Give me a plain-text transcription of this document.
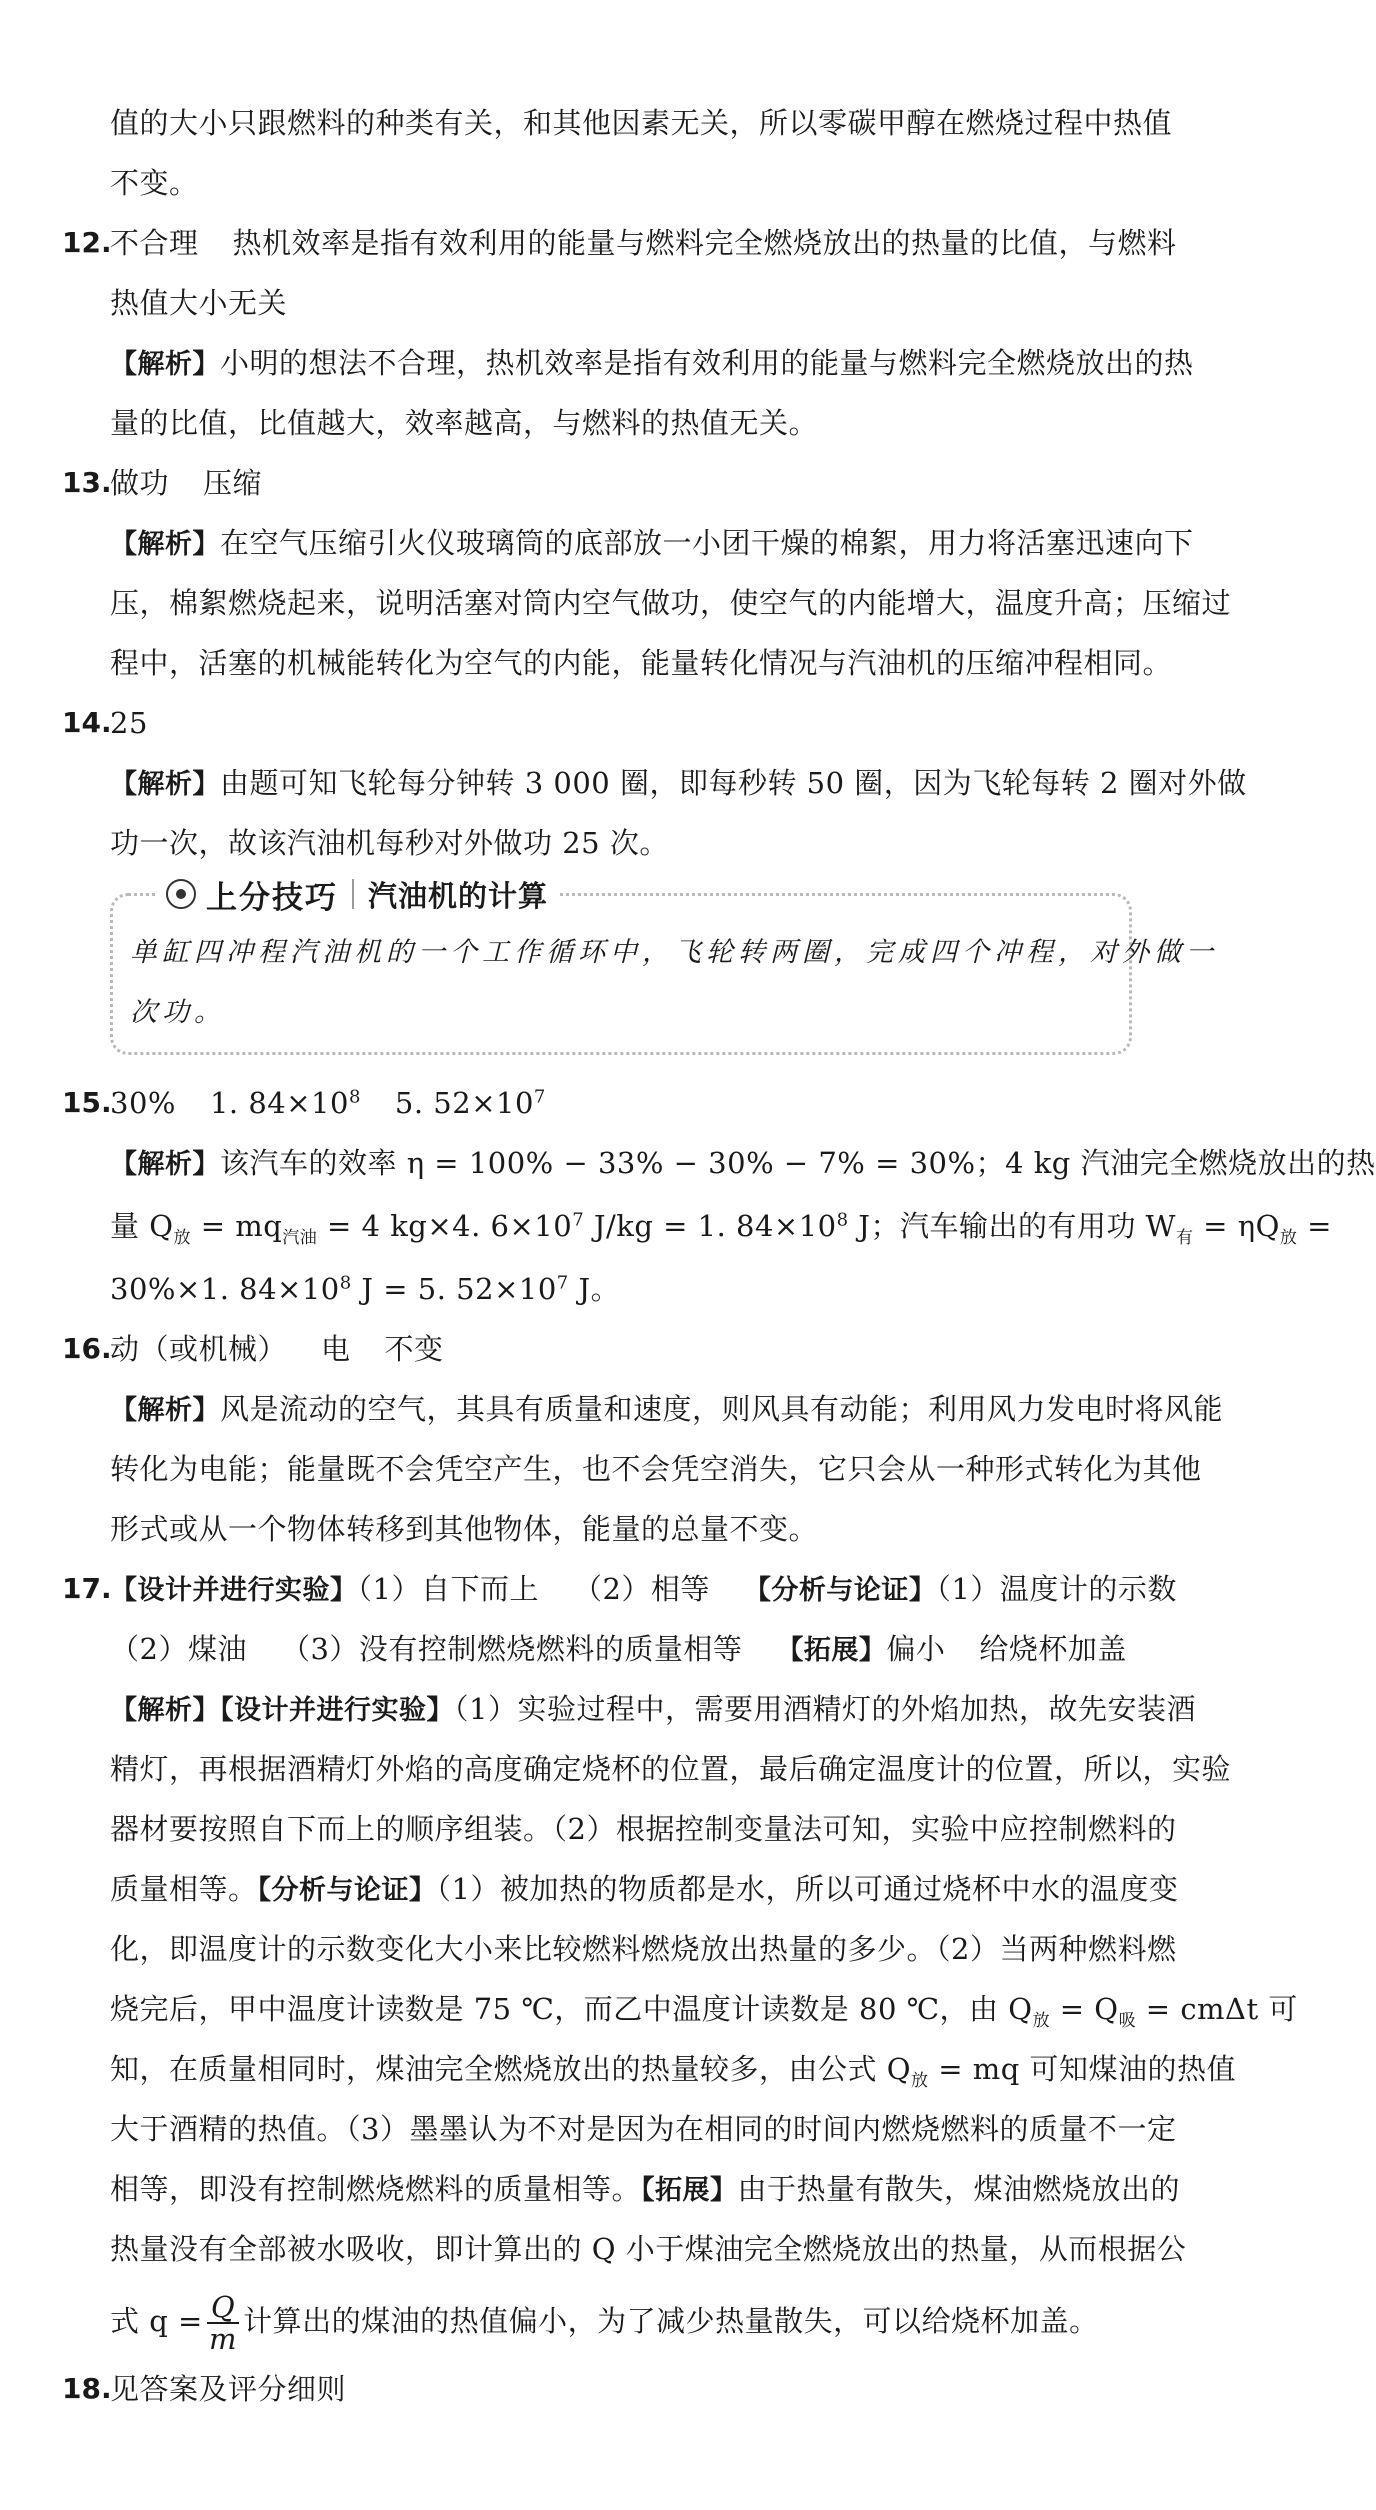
值的大小只跟燃料的种类有关，和其他因素无关，所以零碳甲醇在燃烧过程中热值
不变。
12.
不合理 热机效率是指有效利用的能量与燃料完全燃烧放出的热量的比值，与燃料
热值大小无关
【解析】小明的想法不合理，热机效率是指有效利用的能量与燃料完全燃烧放出的热
量的比值，比值越大，效率越高，与燃料的热值无关。
13.
做功 压缩
【解析】在空气压缩引火仪玻璃筒的底部放一小团干燥的棉絮，用力将活塞迅速向下
压，棉絮燃烧起来，说明活塞对筒内空气做功，使空气的内能增大，温度升高；压缩过
程中，活塞的机械能转化为空气的内能，能量转化情况与汽油机的压缩冲程相同。
14.
25
【解析】由题可知飞轮每分钟转 3 000 圈，即每秒转 50 圈，因为飞轮每转 2 圈对外做
功一次，故该汽油机每秒对外做功 25 次。
上分技巧 汽油机的计算
单缸四冲程汽油机的一个工作循环中，飞轮转两圈，完成四个冲程，对外做一
次功。
15.
30% 1. $84\times 10^8$ 5. $52\times 10^7$
【解析】该汽车的效率 η = 100% − 33% − 30% − 7% = 30%；4 kg 汽油完全燃烧放出的热
量 $Q_放 = mq_{汽油} = 4$ kg×4. $6\times 10^7$ J/kg = 1. $84\times 10^8$ J；汽车输出的有用功 $W_有 = \eta Q_放$ =
30%×1. $84\times 10^8$ J = 5. $52\times 10^7$ J。
16.
动（或机械） 电 不变
【解析】风是流动的空气，其具有质量和速度，则风具有动能；利用风力发电时将风能
转化为电能；能量既不会凭空产生，也不会凭空消失，它只会从一种形式转化为其他
形式或从一个物体转移到其他物体，能量的总量不变。
17.
【设计并进行实验】（1）自下而上 （2）相等 【分析与论证】（1）温度计的示数
（2）煤油 （3）没有控制燃烧燃料的质量相等 【拓展】偏小 给烧杯加盖
【解析】【设计并进行实验】（1）实验过程中，需要用酒精灯的外焰加热，故先安装酒
精灯，再根据酒精灯外焰的高度确定烧杯的位置，最后确定温度计的位置，所以，实验
器材要按照自下而上的顺序组装。（2）根据控制变量法可知，实验中应控制燃料的
质量相等。【分析与论证】（1）被加热的物质都是水，所以可通过烧杯中水的温度变
化，即温度计的示数变化大小来比较燃料燃烧放出热量的多少。（2）当两种燃料燃
烧完后，甲中温度计读数是 75 ℃，而乙中温度计读数是 80 ℃，由 $Q_放 = Q_吸 = cm\Delta t$ 可
知，在质量相同时，煤油完全燃烧放出的热量较多，由公式 $Q_放$ = mq 可知煤油的热值
大于酒精的热值。（3）墨墨认为不对是因为在相同的时间内燃烧燃料的质量不一定
相等，即没有控制燃烧燃料的质量相等。【拓展】由于热量有散失，煤油燃烧放出的
热量没有全部被水吸收，即计算出的 Q 小于煤油完全燃烧放出的热量，从而根据公
式 $q = \frac{Q}{m}$ 计算出的煤油的热值偏小，为了减少热量散失，可以给烧杯加盖。
18.
见答案及评分细则
